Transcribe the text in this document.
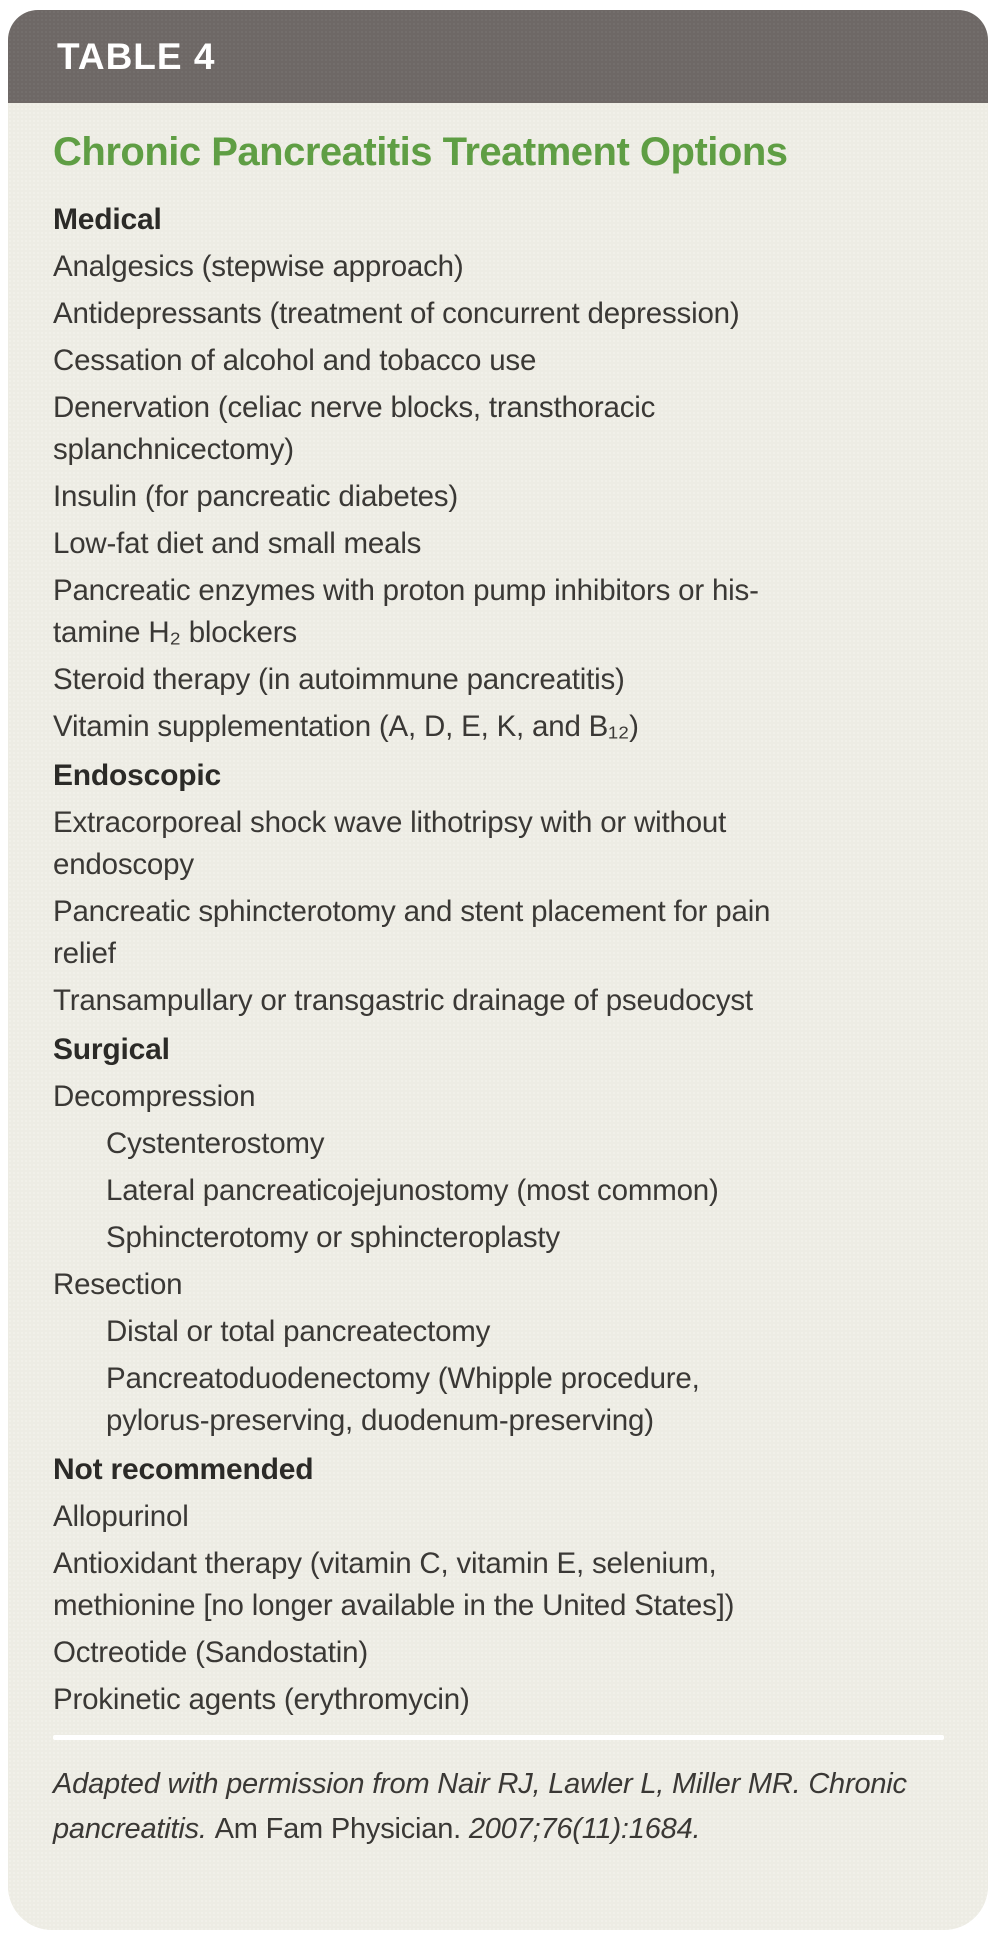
TABLE 4
Chronic Pancreatitis Treatment Options
Medical
Analgesics (stepwise approach)
Antidepressants (treatment of concurrent depression)
Cessation of alcohol and tobacco use
Denervation (celiac nerve blocks, transthoracic
splanchnicectomy)
Insulin (for pancreatic diabetes)
Low-fat diet and small meals
Pancreatic enzymes with proton pump inhibitors or his-
tamine H₂ blockers
Steroid therapy (in autoimmune pancreatitis)
Vitamin supplementation (A, D, E, K, and B₁₂)
Endoscopic
Extracorporeal shock wave lithotripsy with or without
endoscopy
Pancreatic sphincterotomy and stent placement for pain
relief
Transampullary or transgastric drainage of pseudocyst
Surgical
Decompression
Cystenterostomy
Lateral pancreaticojejunostomy (most common)
Sphincterotomy or sphincteroplasty
Resection
Distal or total pancreatectomy
Pancreatoduodenectomy (Whipple procedure,
pylorus-preserving, duodenum-preserving)
Not recommended
Allopurinol
Antioxidant therapy (vitamin C, vitamin E, selenium,
methionine [no longer available in the United States])
Octreotide (Sandostatin)
Prokinetic agents (erythromycin)

Adapted with permission from Nair RJ, Lawler L, Miller MR. Chronic pancreatitis. Am Fam Physician. 2007;76(11):1684.
